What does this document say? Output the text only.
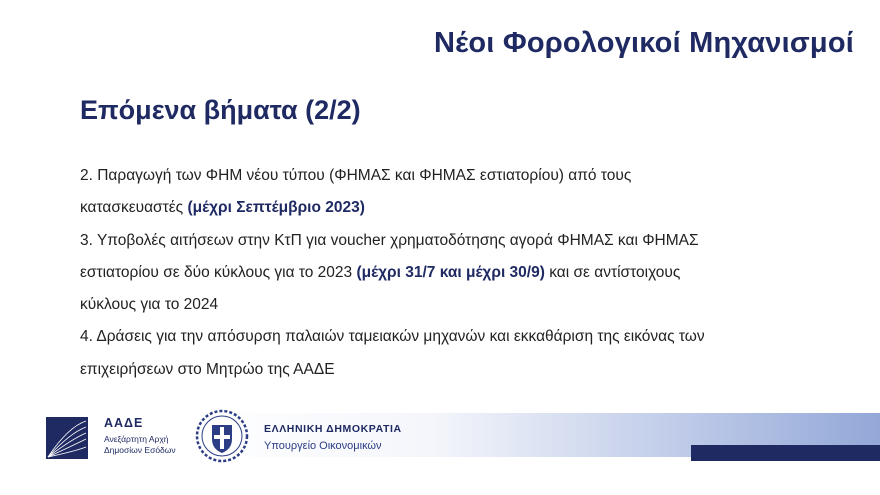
Νέοι Φορολογικοί Μηχανισμοί
Επόμενα βήματα (2/2)
2. Παραγωγή των ΦΗΜ νέου τύπου (ΦΗΜΑΣ και ΦΗΜΑΣ εστιατορίου) από τους
κατασκευαστές (μέχρι Σεπτέμβριο 2023)
3. Υποβολές αιτήσεων στην ΚτΠ για voucher χρηματοδότησης αγορά ΦΗΜΑΣ και ΦΗΜΑΣ
εστιατορίου σε δύο κύκλους για το 2023 (μέχρι 31/7 και μέχρι 30/9) και σε αντίστοιχους
κύκλους για το 2024
4. Δράσεις για την απόσυρση παλαιών ταμειακών μηχανών και εκκαθάριση της εικόνας των
επιχειρήσεων στο Μητρώο της ΑΑΔΕ
ΑΑΔΕ
Ανεξάρτητη Αρχή
Δημοσίων Εσόδων
ΕΛΛΗΝΙΚΗ ΔΗΜΟΚΡΑΤΙΑ
Υπουργείο Οικονομικών
